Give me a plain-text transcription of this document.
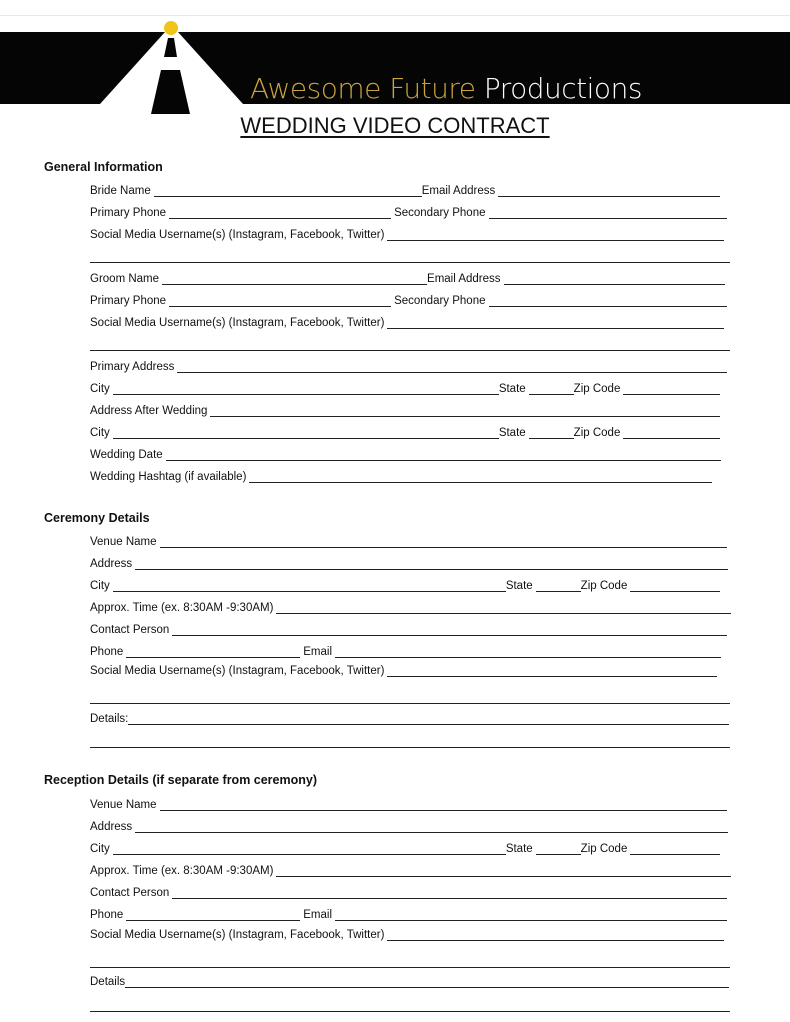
Awesome Future Productions
WEDDING VIDEO CONTRACT
General Information
Bride Name	Email Address
Primary Phone	Secondary Phone
Social Media Username(s) (Instagram, Facebook, Twitter)
Groom Name	Email Address
Primary Phone	Secondary Phone
Social Media Username(s) (Instagram, Facebook, Twitter)
Primary Address
City	State	Zip Code
Address After Wedding
City	State	Zip Code
Wedding Date
Wedding Hashtag (if available)
Ceremony Details
Venue Name
Address
City	State	Zip Code
Approx. Time (ex. 8:30AM -9:30AM)
Contact Person
Phone	Email
Social Media Username(s) (Instagram, Facebook, Twitter)
Details:
Reception Details (if separate from ceremony)
Venue Name
Address
City	State	Zip Code
Approx. Time (ex. 8:30AM -9:30AM)
Contact Person
Phone	Email
Social Media Username(s) (Instagram, Facebook, Twitter)
Details
